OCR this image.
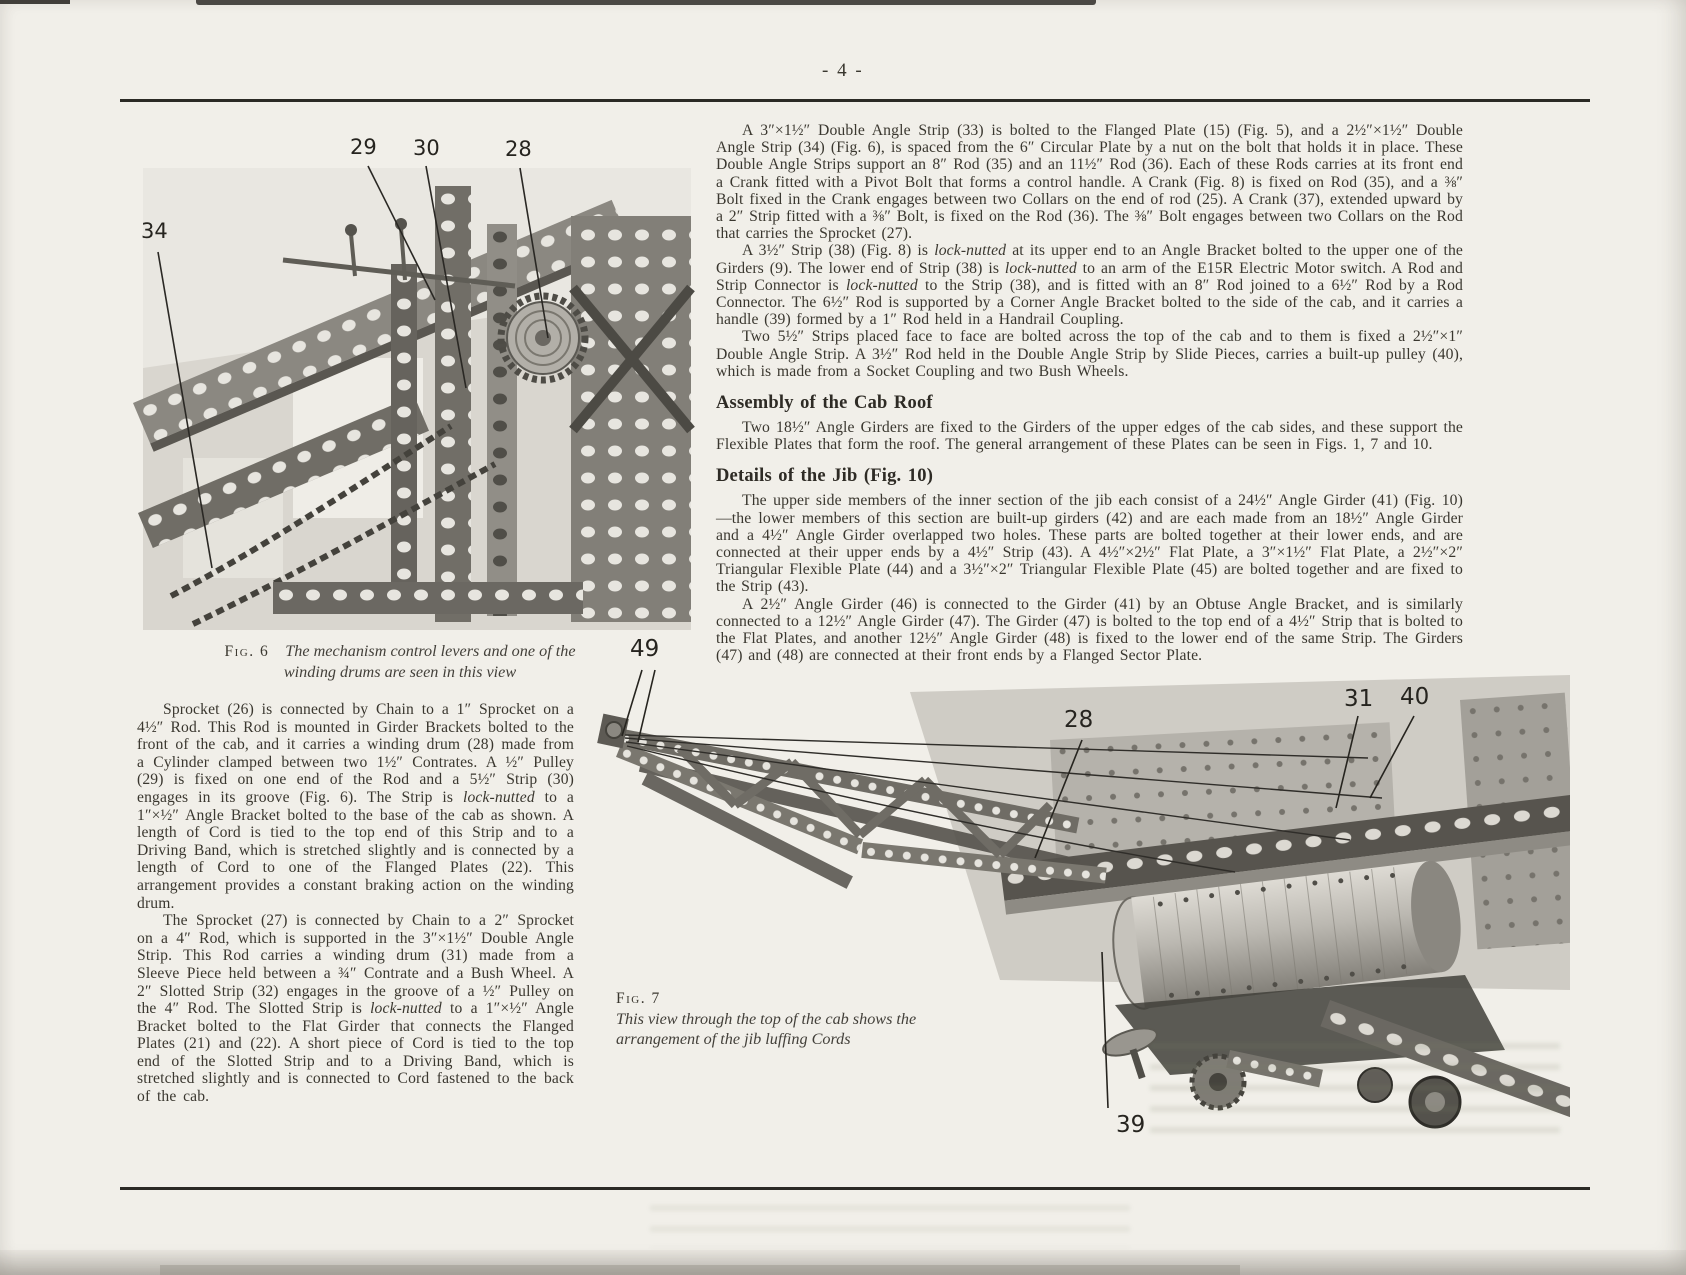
- 4 -
34
29 30	28
Fig. 6 The mechanism control levers and one of the
winding drums are seen in this view

A 3″×1½″ Double Angle Strip (33) is bolted to the Flanged Plate (15) (Fig. 5), and a 2½″×1½″ Double Angle Strip (34) (Fig. 6), is spaced from the 6″ Circular Plate by a nut on the bolt that holds it in place. These Double Angle Strips support an 8″ Rod (35) and an 11½″ Rod (36). Each of these Rods carries at its front end a Crank fitted with a Pivot Bolt that forms a control handle. A Crank (Fig. 8) is fixed on Rod (35), and a ⅜″ Bolt fixed in the Crank engages between two Collars on the end of rod (25). A Crank (37), extended upward by a 2″ Strip fitted with a ⅜″ Bolt, is fixed on the Rod (36). The ⅜″ Bolt engages between two Collars on the Rod that carries the Sprocket (27).

A 3½″ Strip (38) (Fig. 8) is lock-nutted at its upper end to an Angle Bracket bolted to the upper one of the Girders (9). The lower end of Strip (38) is lock-nutted to an arm of the E15R Electric Motor switch. A Rod and Strip Connector is lock-nutted to the Strip (38), and is fitted with an 8″ Rod joined to a 6½″ Rod by a Rod Connector. The 6½″ Rod is supported by a Corner Angle Bracket bolted to the side of the cab, and it carries a handle (39) formed by a 1″ Rod held in a Handrail Coupling.

Two 5½″ Strips placed face to face are bolted across the top of the cab and to them is fixed a 2½″×1″ Double Angle Strip. A 3½″ Rod held in the Double Angle Strip by Slide Pieces, carries a built-up pulley (40), which is made from a Socket Coupling and two Bush Wheels.

Assembly of the Cab Roof

Two 18½″ Angle Girders are fixed to the Girders of the upper edges of the cab sides, and these support the Flexible Plates that form the roof. The general arrangement of these Plates can be seen in Figs. 1, 7 and 10.

Details of the Jib (Fig. 10)

The upper side members of the inner section of the jib each consist of a 24½″ Angle Girder (41) (Fig. 10)—the lower members of this section are built-up girders (42) and are each made from an 18½″ Angle Girder and a 4½″ Angle Girder overlapped two holes. These parts are bolted together at their lower ends, and are connected at their upper ends by a 4½″ Strip (43). A 4½″×2½″ Flat Plate, a 3″×1½″ Flat Plate, a 2½″×2″ Triangular Flexible Plate (44) and a 3½″×2″ Triangular Flexible Plate (45) are bolted together and are fixed to the Strip (43).

A 2½″ Angle Girder (46) is connected to the Girder (41) by an Obtuse Angle Bracket, and is similarly connected to a 12½″ Angle Girder (47). The Girder (47) is bolted to the top end of a 4½″ Strip that is bolted to the Flat Plates, and another 12½″ Angle Girder (48) is fixed to the lower end of the same Strip. The Girders (47) and (48) are connected at their front ends by a Flanged Sector Plate.

Sprocket (26) is connected by Chain to a 1″ Sprocket on a 4½″ Rod. This Rod is mounted in Girder Brackets bolted to the front of the cab, and it carries a winding drum (28) made from a Cylinder clamped between two 1½″ Contrates. A ½″ Pulley (29) is fixed on one end of the Rod and a 5½″ Strip (30) engages in its groove (Fig. 6). The Strip is lock-nutted to a 1″×½″ Angle Bracket bolted to the base of the cab as shown. A length of Cord is tied to the top end of this Strip and to a Driving Band, which is stretched slightly and is connected by a length of Cord to one of the Flanged Plates (22). This arrangement provides a constant braking action on the winding drum.

The Sprocket (27) is connected by Chain to a 2″ Sprocket on a 4″ Rod, which is supported in the 3″×1½″ Double Angle Strip. This Rod carries a winding drum (31) made from a Sleeve Piece held between a ¾″ Contrate and a Bush Wheel. A 2″ Slotted Strip (32) engages in the groove of a ½″ Pulley on the 4″ Rod. The Slotted Strip is lock-nutted to a 1″×½″ Angle Bracket bolted to the Flat Girder that connects the Flanged Plates (21) and (22). A short piece of Cord is tied to the top end of the Slotted Strip and to a Driving Band, which is stretched slightly and is connected to Cord fastened to the back of the cab.

49
28
31 40
39
Fig. 7
This view through the top of the cab shows the
arrangement of the jib luffing Cords
